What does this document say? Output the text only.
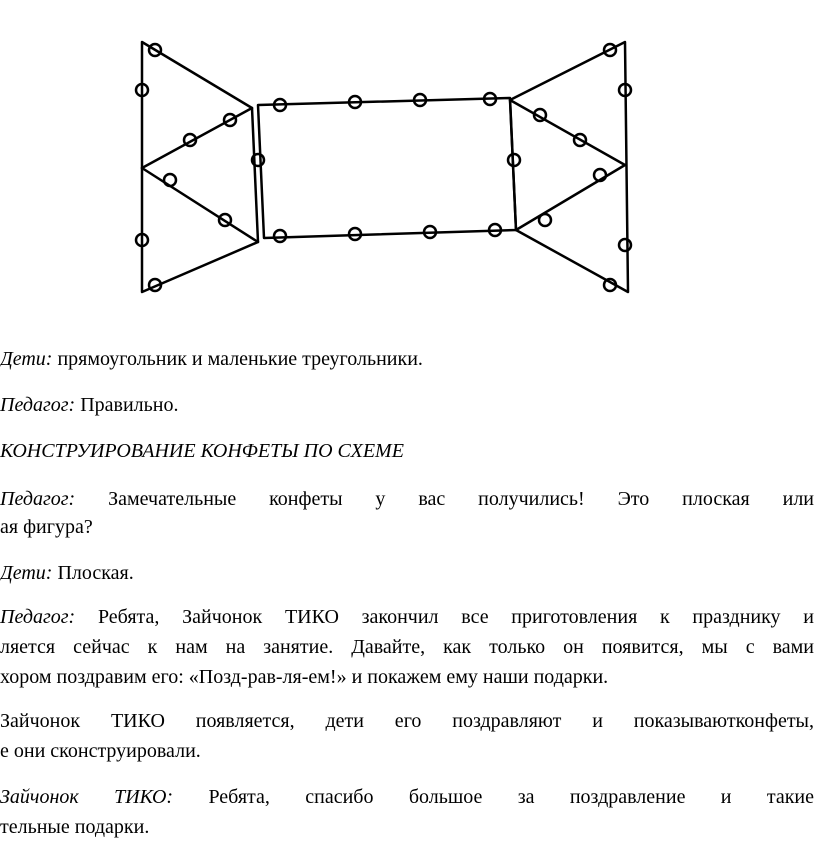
Дети: прямоугольник и маленькие треугольники.
Педагог: Правильно.
КОНСТРУИРОВАНИЕ КОНФЕТЫ ПО СХЕМЕ
Педагог: Замечательные конфеты у вас получились! Это плоская или
ая фигура?
Дети: Плоская.
Педагог: Ребята, Зайчонок ТИКО закончил все приготовления к празднику и
ляется сейчас к нам на занятие. Давайте, как только он появится, мы с вами
хором поздравим его: «Позд-рав-ля-ем!» и покажем ему наши подарки.
Зайчонок ТИКО появляется, дети его поздравляют и показываютконфеты,
е они сконструировали.
Зайчонок ТИКО: Ребята, спасибо большое за поздравление и такие
тельные подарки.
